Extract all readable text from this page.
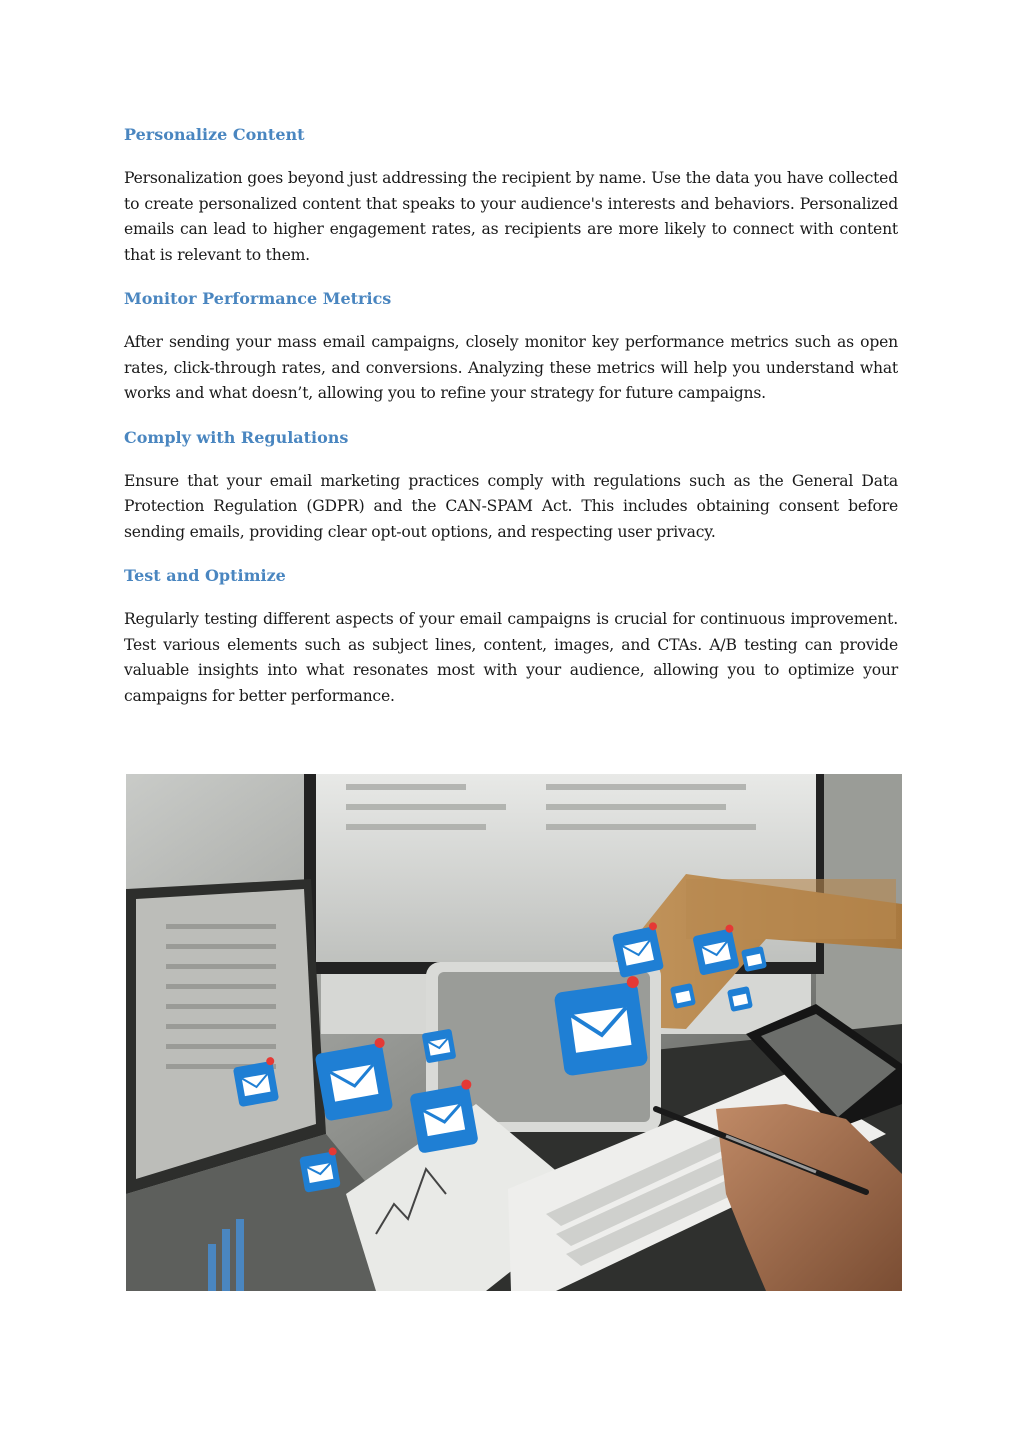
Personalize Content

Personalization goes beyond just addressing the recipient by name. Use the data you have collected to create personalized content that speaks to your audience's interests and behaviors. Personalized emails can lead to higher engagement rates, as recipients are more likely to connect with content that is relevant to them.

Monitor Performance Metrics

After sending your mass email campaigns, closely monitor key performance metrics such as open rates, click-through rates, and conversions. Analyzing these metrics will help you understand what works and what doesn’t, allowing you to refine your strategy for future campaigns.

Comply with Regulations

Ensure that your email marketing practices comply with regulations such as the General Data Protection Regulation (GDPR) and the CAN-SPAM Act. This includes obtaining consent before sending emails, providing clear opt-out options, and respecting user privacy.

Test and Optimize

Regularly testing different aspects of your email campaigns is crucial for continuous improvement. Test various elements such as subject lines, content, images, and CTAs. A/B testing can provide valuable insights into what resonates most with your audience, allowing you to optimize your campaigns for better performance.
